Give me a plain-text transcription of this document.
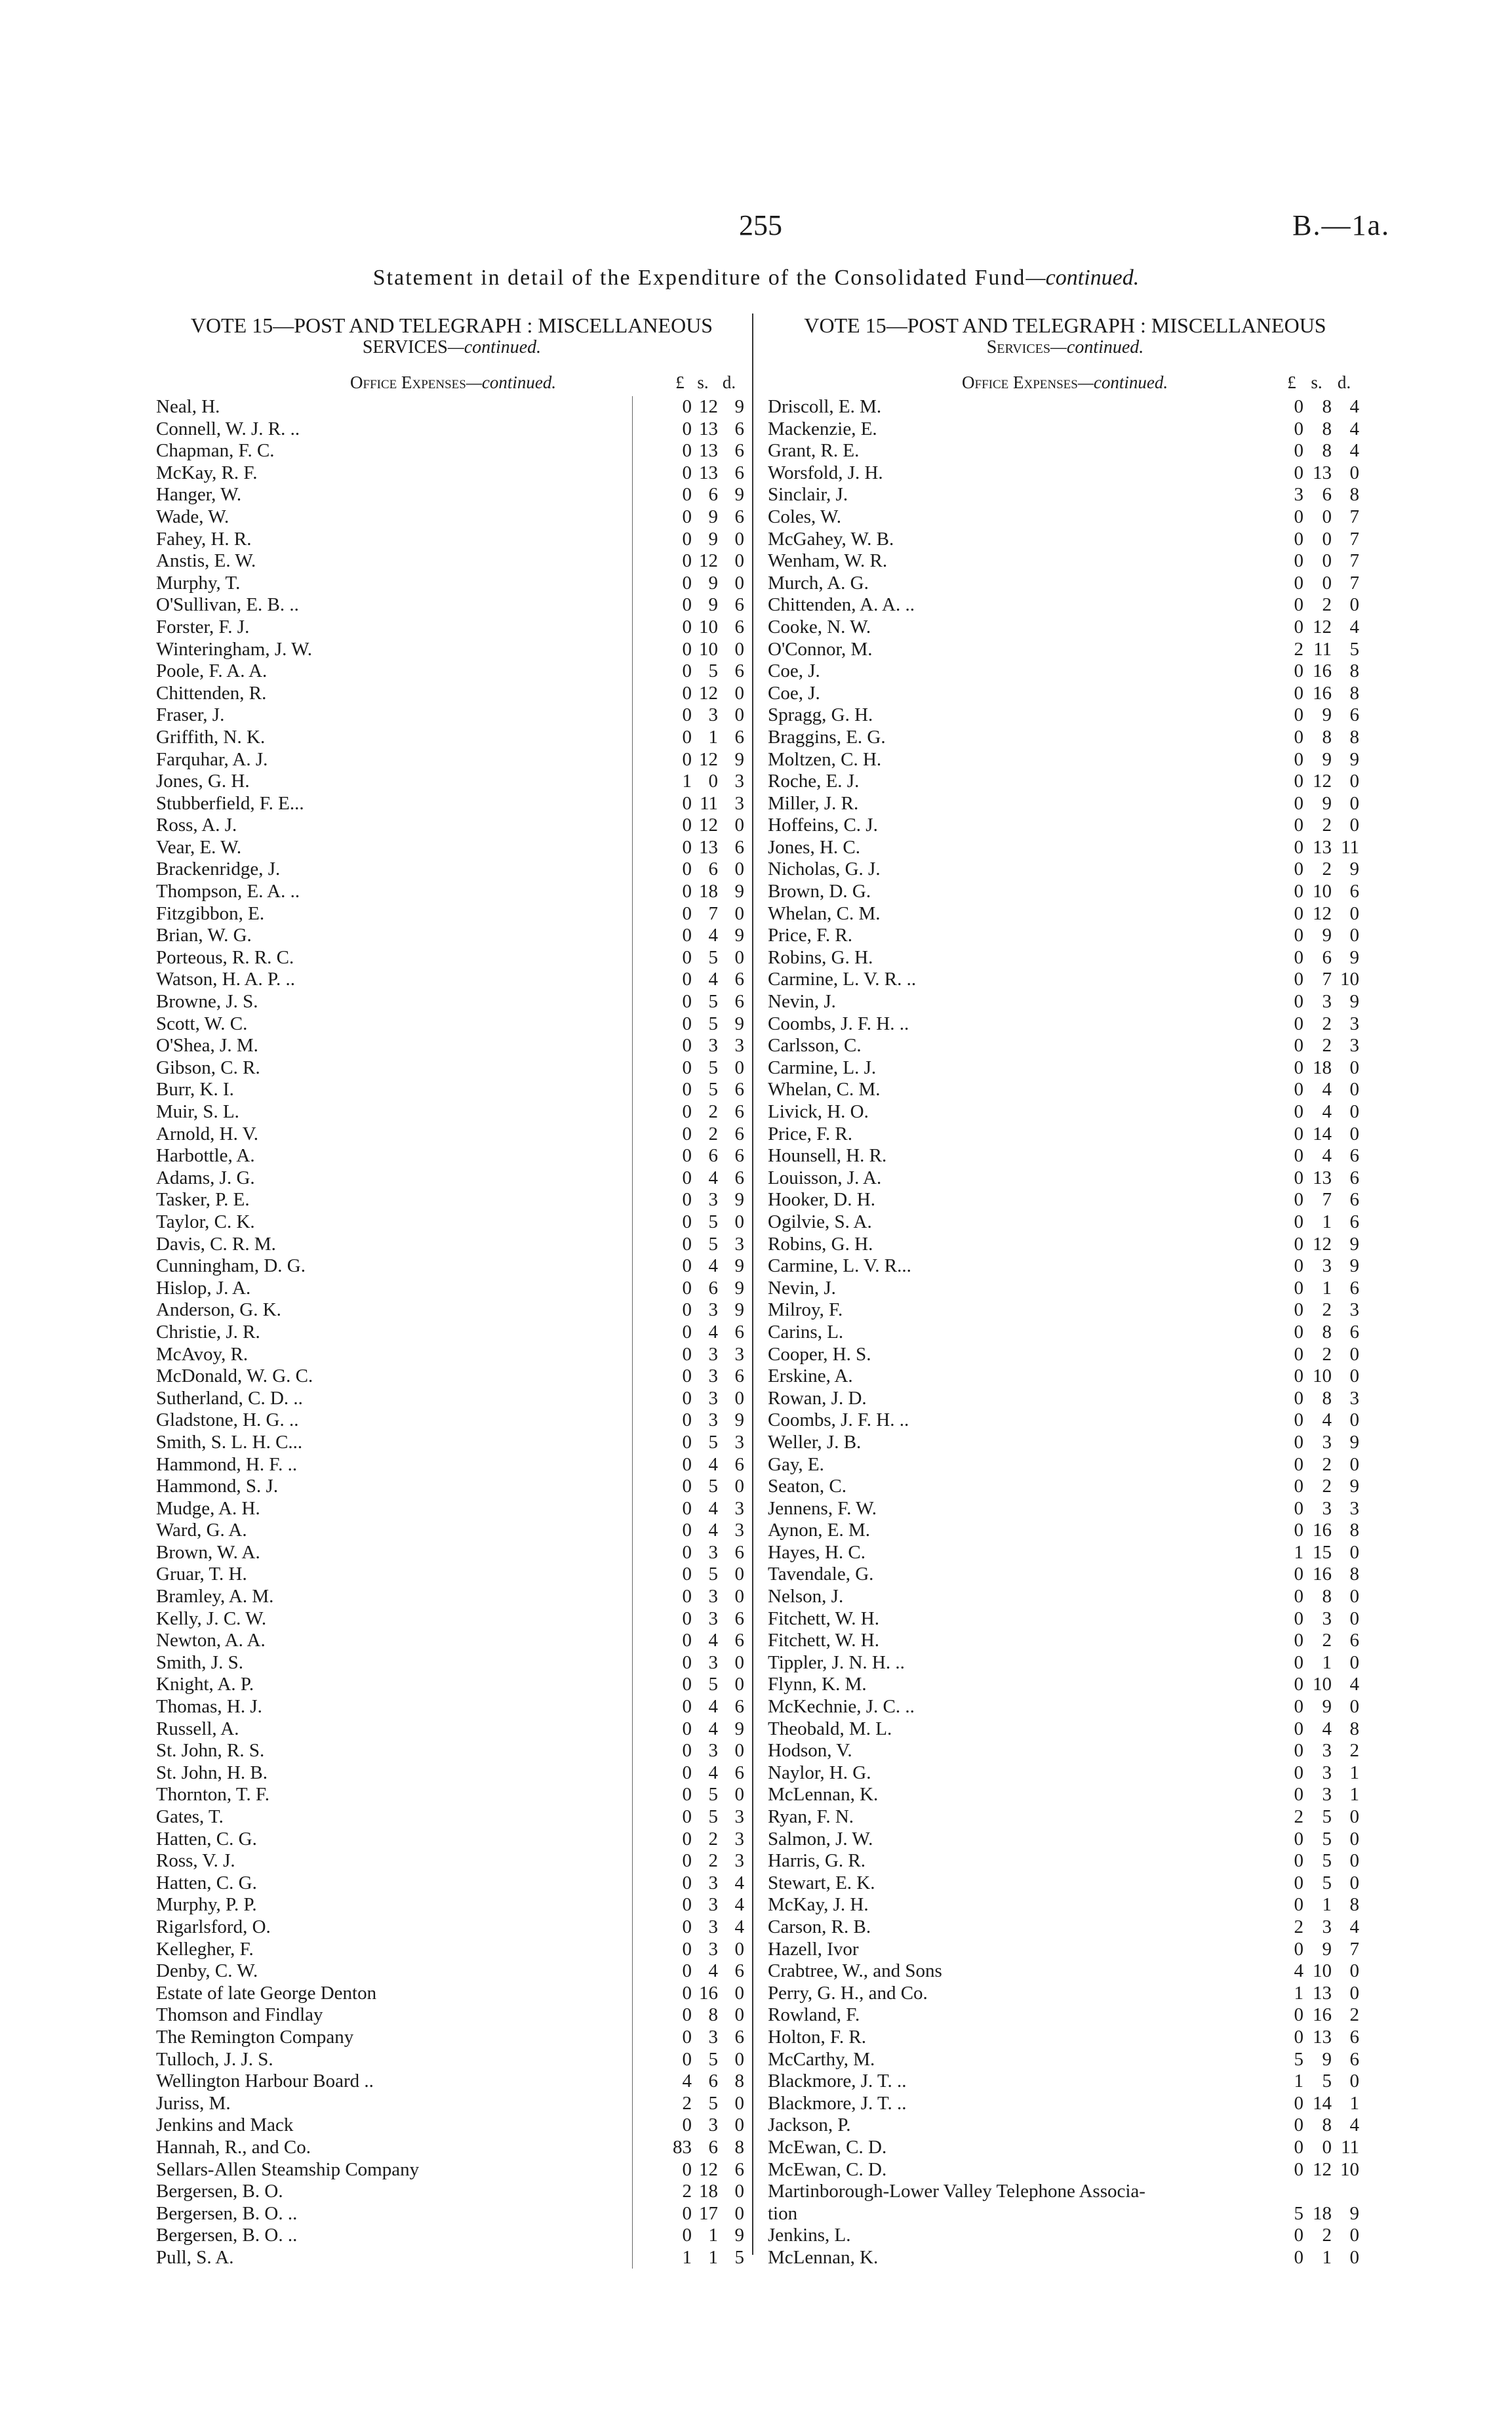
255	B.—1a.
Statement in detail of the Expenditure of the Consolidated Fund—continued.
VOTE 15—POST AND TELEGRAPH : MISCELLANEOUS
SERVICES—continued.
Office Expenses—continued.	£ s. d.
Neal, H.	0 12 9
Connell, W. J. R. ..	0 13 6
Chapman, F. C.	0 13 6
McKay, R. F.	0 13 6
Hanger, W.	0 6 9
Wade, W.	0 9 6
Fahey, H. R.	0 9 0
Anstis, E. W.	0 12 0
Murphy, T.	0 9 0
O'Sullivan, E. B. ..	0 9 6
Forster, F. J.	0 10 6
Winteringham, J. W.	0 10 0
Poole, F. A. A.	0 5 6
Chittenden, R.	0 12 0
Fraser, J.	0 3 0
Griffith, N. K.	0 1 6
Farquhar, A. J.	0 12 9
Jones, G. H.	1 0 3
Stubberfield, F. E...	0 11 3
Ross, A. J.	0 12 0
Vear, E. W.	0 13 6
Brackenridge, J.	0 6 0
Thompson, E. A. ..	0 18 9
Fitzgibbon, E.	0 7 0
Brian, W. G.	0 4 9
Porteous, R. R. C.	0 5 0
Watson, H. A. P. ..	0 4 6
Browne, J. S.	0 5 6
Scott, W. C.	0 5 9
O'Shea, J. M.	0 3 3
Gibson, C. R.	0 5 0
Burr, K. I.	0 5 6
Muir, S. L.	0 2 6
Arnold, H. V.	0 2 6
Harbottle, A.	0 6 6
Adams, J. G.	0 4 6
Tasker, P. E.	0 3 9
Taylor, C. K.	0 5 0
Davis, C. R. M.	0 5 3
Cunningham, D. G.	0 4 9
Hislop, J. A.	0 6 9
Anderson, G. K.	0 3 9
Christie, J. R.	0 4 6
McAvoy, R.	0 3 3
McDonald, W. G. C.	0 3 6
Sutherland, C. D. ..	0 3 0
Gladstone, H. G. ..	0 3 9
Smith, S. L. H. C...	0 5 3
Hammond, H. F. ..	0 4 6
Hammond, S. J.	0 5 0
Mudge, A. H.	0 4 3
Ward, G. A.	0 4 3
Brown, W. A.	0 3 6
Gruar, T. H.	0 5 0
Bramley, A. M.	0 3 0
Kelly, J. C. W.	0 3 6
Newton, A. A.	0 4 6
Smith, J. S.	0 3 0
Knight, A. P.	0 5 0
Thomas, H. J.	0 4 6
Russell, A.	0 4 9
St. John, R. S.	0 3 0
St. John, H. B.	0 4 6
Thornton, T. F.	0 5 0
Gates, T.	0 5 3
Hatten, C. G.	0 2 3
Ross, V. J.	0 2 3
Hatten, C. G.	0 3 4
Murphy, P. P.	0 3 4
Rigarlsford, O.	0 3 4
Kellegher, F.	0 3 0
Denby, C. W.	0 4 6
Estate of late George Denton	0 16 0
Thomson and Findlay	0 8 0
The Remington Company	0 3 6
Tulloch, J. J. S.	0 5 0
Wellington Harbour Board ..	4 6 8
Juriss, M.	2 5 0
Jenkins and Mack	0 3 0
Hannah, R., and Co.	83 6 8
Sellars-Allen Steamship Company	0 12 6
Bergersen, B. O.	2 18 0
Bergersen, B. O. ..	0 17 0
Bergersen, B. O. ..	0 1 9
Pull, S. A.	1 1 5
VOTE 15—POST AND TELEGRAPH : MISCELLANEOUS
Services—continued.
Office Expenses—continued.	£ s. d.
Driscoll, E. M.	0 8 4
Mackenzie, E.	0 8 4
Grant, R. E.	0 8 4
Worsfold, J. H.	0 13 0
Sinclair, J.	3 6 8
Coles, W.	0 0 7
McGahey, W. B.	0 0 7
Wenham, W. R.	0 0 7
Murch, A. G.	0 0 7
Chittenden, A. A. ..	0 2 0
Cooke, N. W.	0 12 4
O'Connor, M.	2 11 5
Coe, J.	0 16 8
Coe, J.	0 16 8
Spragg, G. H.	0 9 6
Braggins, E. G.	0 8 8
Moltzen, C. H.	0 9 9
Roche, E. J.	0 12 0
Miller, J. R.	0 9 0
Hoffeins, C. J.	0 2 0
Jones, H. C.	0 13 11
Nicholas, G. J.	0 2 9
Brown, D. G.	0 10 6
Whelan, C. M.	0 12 0
Price, F. R.	0 9 0
Robins, G. H.	0 6 9
Carmine, L. V. R. ..	0 7 10
Nevin, J.	0 3 9
Coombs, J. F. H. ..	0 2 3
Carlsson, C.	0 2 3
Carmine, L. J.	0 18 0
Whelan, C. M.	0 4 0
Livick, H. O.	0 4 0
Price, F. R.	0 14 0
Hounsell, H. R.	0 4 6
Louisson, J. A.	0 13 6
Hooker, D. H.	0 7 6
Ogilvie, S. A.	0 1 6
Robins, G. H.	0 12 9
Carmine, L. V. R...	0 3 9
Nevin, J.	0 1 6
Milroy, F.	0 2 3
Carins, L.	0 8 6
Cooper, H. S.	0 2 0
Erskine, A.	0 10 0
Rowan, J. D.	0 8 3
Coombs, J. F. H. ..	0 4 0
Weller, J. B.	0 3 9
Gay, E.	0 2 0
Seaton, C.	0 2 9
Jennens, F. W.	0 3 3
Aynon, E. M.	0 16 8
Hayes, H. C.	1 15 0
Tavendale, G.	0 16 8
Nelson, J.	0 8 0
Fitchett, W. H.	0 3 0
Fitchett, W. H.	0 2 6
Tippler, J. N. H. ..	0 1 0
Flynn, K. M.	0 10 4
McKechnie, J. C. ..	0 9 0
Theobald, M. L.	0 4 8
Hodson, V.	0 3 2
Naylor, H. G.	0 3 1
McLennan, K.	0 3 1
Ryan, F. N.	2 5 0
Salmon, J. W.	0 5 0
Harris, G. R.	0 5 0
Stewart, E. K.	0 5 0
McKay, J. H.	0 1 8
Carson, R. B.	2 3 4
Hazell, Ivor	0 9 7
Crabtree, W., and Sons	4 10 0
Perry, G. H., and Co.	1 13 0
Rowland, F.	0 16 2
Holton, F. R.	0 13 6
McCarthy, M.	5 9 6
Blackmore, J. T. ..	1 5 0
Blackmore, J. T. ..	0 14 1
Jackson, P.	0 8 4
McEwan, C. D.	0 0 11
McEwan, C. D.	0 12 10
Martinborough-Lower Valley Telephone Associa-
tion	5 18 9
Jenkins, L.	0 2 0
McLennan, K.	0 1 0
